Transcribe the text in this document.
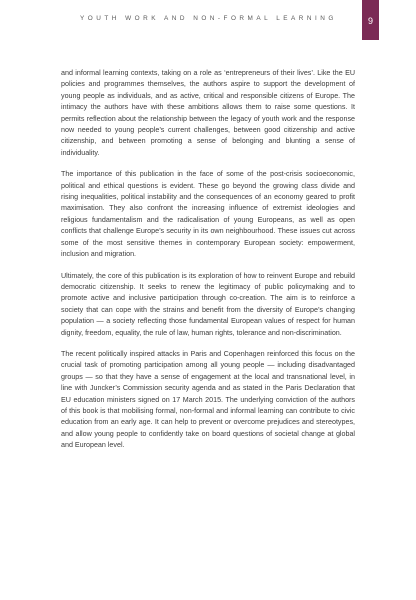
YOUTH WORK AND NON-FORMAL LEARNING	9

and informal learning contexts, taking on a role as ‘entrepreneurs of their lives’. Like the EU policies and programmes themselves, the authors aspire to support the development of young people as individuals, and as active, critical and responsible citizens of Europe. The intimacy the authors have with these ambitions allows them to raise some questions. It permits reflection about the relationship between the legacy of youth work and the response now needed to young people’s current challenges, between good citizenship and active citizenship, and between promoting a sense of belonging and blunting a sense of individuality.

The importance of this publication in the face of some of the post-crisis socioeconomic, political and ethical questions is evident. These go beyond the growing class divide and rising inequalities, political instability and the consequences of an economy geared to profit maximisation. They also confront the increasing influence of extremist ideologies and religious fundamentalism and the radicalisation of young Europeans, as well as open conflicts that challenge Europe’s security in its own neighbourhood. These issues cut across some of the most sensitive themes in contemporary European society: empowerment, inclusion and migration.

Ultimately, the core of this publication is its exploration of how to reinvent Europe and rebuild democratic citizenship. It seeks to renew the legitimacy of public policymaking and to promote active and inclusive participation through co-creation. The aim is to reinforce a society that can cope with the strains and benefit from the diversity of Europe’s changing population — a society reflecting those fundamental European values of respect for human dignity, freedom, equality, the rule of law, human rights, tolerance and non-discrimination.

The recent politically inspired attacks in Paris and Copenhagen reinforced this focus on the crucial task of promoting participation among all young people — including disadvantaged groups — so that they have a sense of engagement at the local and transnational level, in line with Juncker’s Commission security agenda and as stated in the Paris Declaration that EU education ministers signed on 17 March 2015. The underlying conviction of the authors of this book is that mobilising formal, non-formal and informal learning can contribute to civic education from an early age. It can help to prevent or overcome prejudices and stereotypes, and allow young people to confidently take on board questions of societal change at global and European level.
